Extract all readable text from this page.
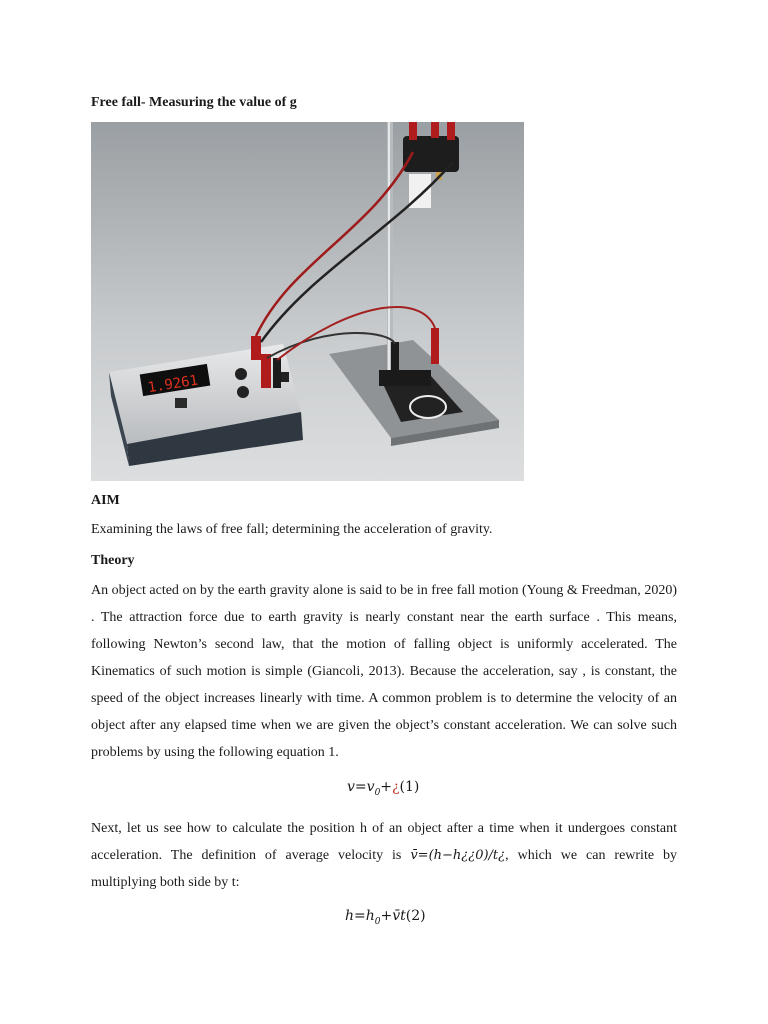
Free fall- Measuring the value of g
1.9261
AIM
Examining the laws of free fall; determining the acceleration of gravity.
Theory
An object acted on by the earth gravity alone is said to be in free fall motion (Young & Freedman, 2020) . The attraction force due to earth gravity is nearly constant near the earth surface . This means, following Newton’s second law, that the motion of falling object is uniformly accelerated. The Kinematics of such motion is simple (Giancoli, 2013). Because the acceleration, say , is constant, the speed of the object increases linearly with time. A common problem is to determine the velocity of an object after any elapsed time when we are given the object’s constant acceleration. We can solve such problems by using the following equation 1.
$v=v_0+¿(1)$
Next, let us see how to calculate the position h of an object after a time when it undergoes constant acceleration. The definition of average velocity is v̄=(h−h¿¿0)/t¿, which we can rewrite by multiplying both side by t:
$h=h_0+v̄t(2)$
